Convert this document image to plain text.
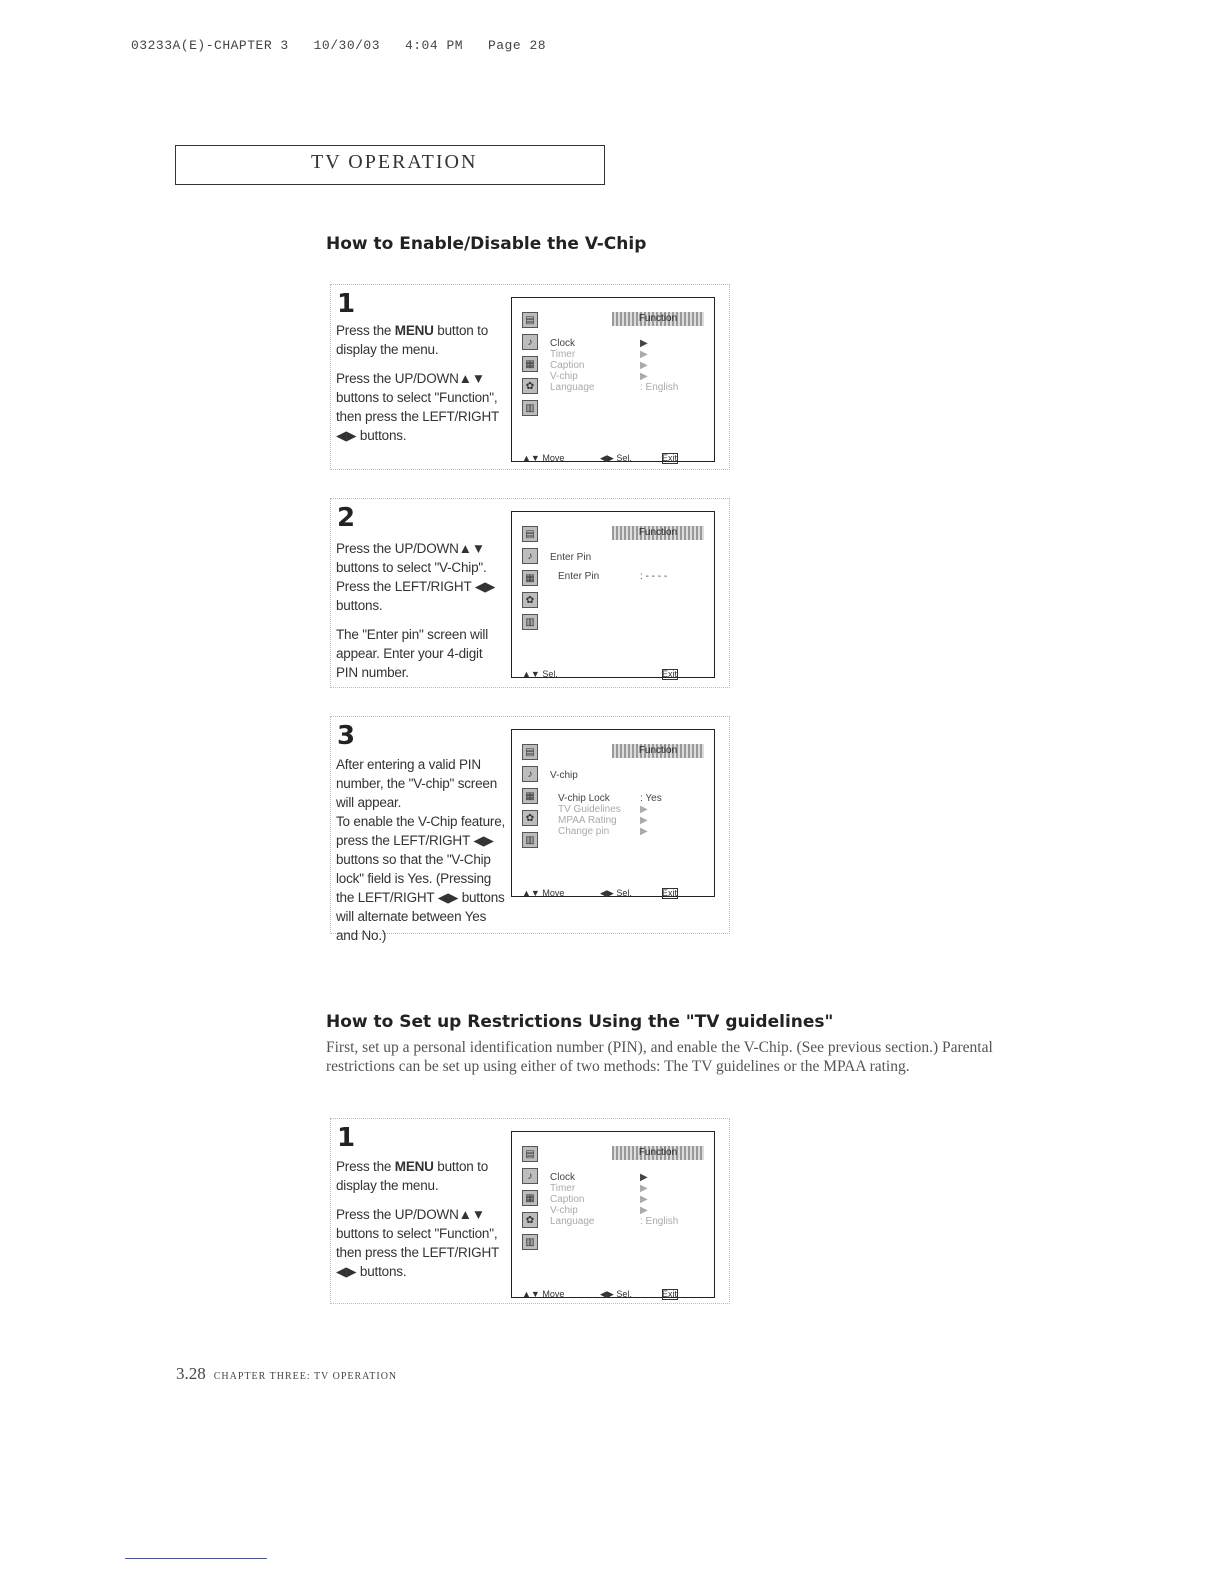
03233A(E)-CHAPTER 3   10/30/03   4:04 PM   Page 28
TV OPERATION
How to Enable/Disable the V-Chip
1

Press the MENU button to display the menu.

Press the UP/DOWN▲▼ buttons to select "Function", then press the LEFT/RIGHT ◀▶ buttons.

▤
♪
▦
✿
▥
Function
Clock	▶
Timer	▶
Caption	▶
V-chip	▶
Language	: English
▲▼ Move	◀▶ Sel.	Exit
2

Press the UP/DOWN▲▼ buttons to select "V-Chip". Press the LEFT/RIGHT ◀▶ buttons.

The "Enter pin" screen will appear. Enter your 4-digit PIN number.

▤
♪
▦
✿
▥
Function
Enter Pin
Enter Pin	: - - - -
▲▼ Sel.	Exit
3

After entering a valid PIN number, the "V-chip" screen will appear.

To enable the V-Chip feature, press the LEFT/RIGHT ◀▶ buttons so that the "V-Chip lock" field is Yes. (Pressing the LEFT/RIGHT ◀▶ buttons will alternate between Yes and No.)

▤
♪
▦
✿
▥
Function
V-chip
V-chip Lock	: Yes
TV Guidelines ▶
MPAA Rating ▶
Change pin	▶
▲▼ Move	◀▶ Sel.	Exit
How to Set up Restrictions Using the "TV guidelines"
First, set up a personal identification number (PIN), and enable the V-Chip. (See previous section.) Parental restrictions can be set up using either of two methods: The TV guidelines or the MPAA rating.
1

Press the MENU button to display the menu.

Press the UP/DOWN▲▼ buttons to select "Function", then press the LEFT/RIGHT ◀▶ buttons.

▤
♪
▦
✿
▥
Function
Clock	▶
Timer	▶
Caption	▶
V-chip	▶
Language	: English
▲▼ Move	◀▶ Sel.	Exit
3.28 CHAPTER THREE: TV OPERATION
